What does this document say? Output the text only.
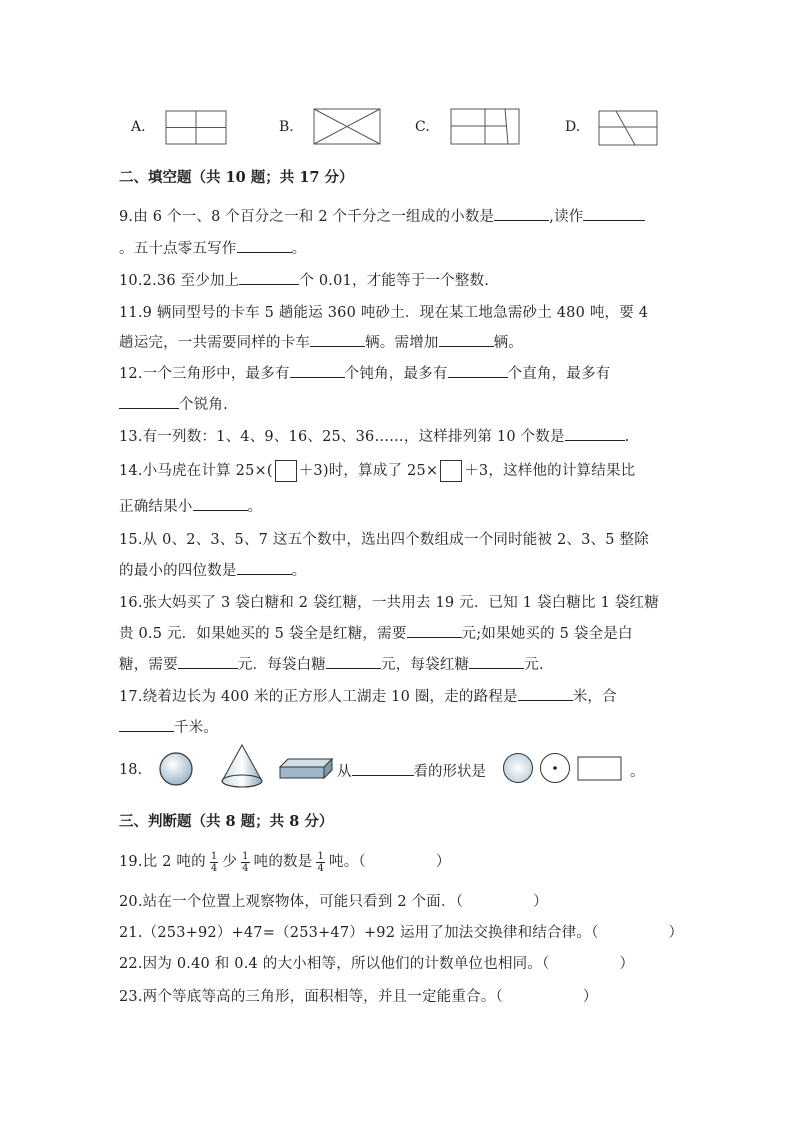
A.	B.	C.	D.
二、填空题（共 10 题；共 17 分）
9.由 6 个一、8 个百分之一和 2 个千分之一组成的小数是	,读作
。五十点零五写作	。
10.2.36 至少加上	个 0.01，才能等于一个整数.
11.9 辆同型号的卡车 5 趟能运 360 吨砂土．现在某工地急需砂土 480 吨，要 4
趟运完，一共需要同样的卡车	辆。需增加	辆。
12.一个三角形中，最多有	个钝角，最多有	个直角，最多有
个锐角.
13.有一列数：1、4、9、16、25、36……，这样排列第 10 个数是	.
14.小马虎在计算 25×( ＋3)时，算成了 25× ＋3，这样他的计算结果比
正确结果小	。
15.从 0、2、3、5、7 这五个数中，选出四个数组成一个同时能被 2、3、5 整除
的最小的四位数是	。
16.张大妈买了 3 袋白糖和 2 袋红糖，一共用去 19 元．已知 1 袋白糖比 1 袋红糖
贵 0.5 元．如果她买的 5 袋全是红糖，需要	元;如果她买的 5 袋全是白
糖，需要	元．每袋白糖	元，每袋红糖	元.
17.绕着边长为 400 米的正方形人工湖走 10 圈，走的路程是	米，合
千米。
18.	从	看的形状是	。
三、判断题（共 8 题；共 8 分）
19.比 2 吨的 $\frac{1}{4}$ 少 $\frac{1}{4}$ 吨的数是 $\frac{1}{4}$ 吨。（	）
20.站在一个位置上观察物体，可能只看到 2 个面．（	）
21.（253+92）+47=（253+47）+92 运用了加法交换律和结合律。（	）
22.因为 0.40 和 0.4 的大小相等，所以他们的计数单位也相同。（	）
23.两个等底等高的三角形，面积相等，并且一定能重合。（	）
